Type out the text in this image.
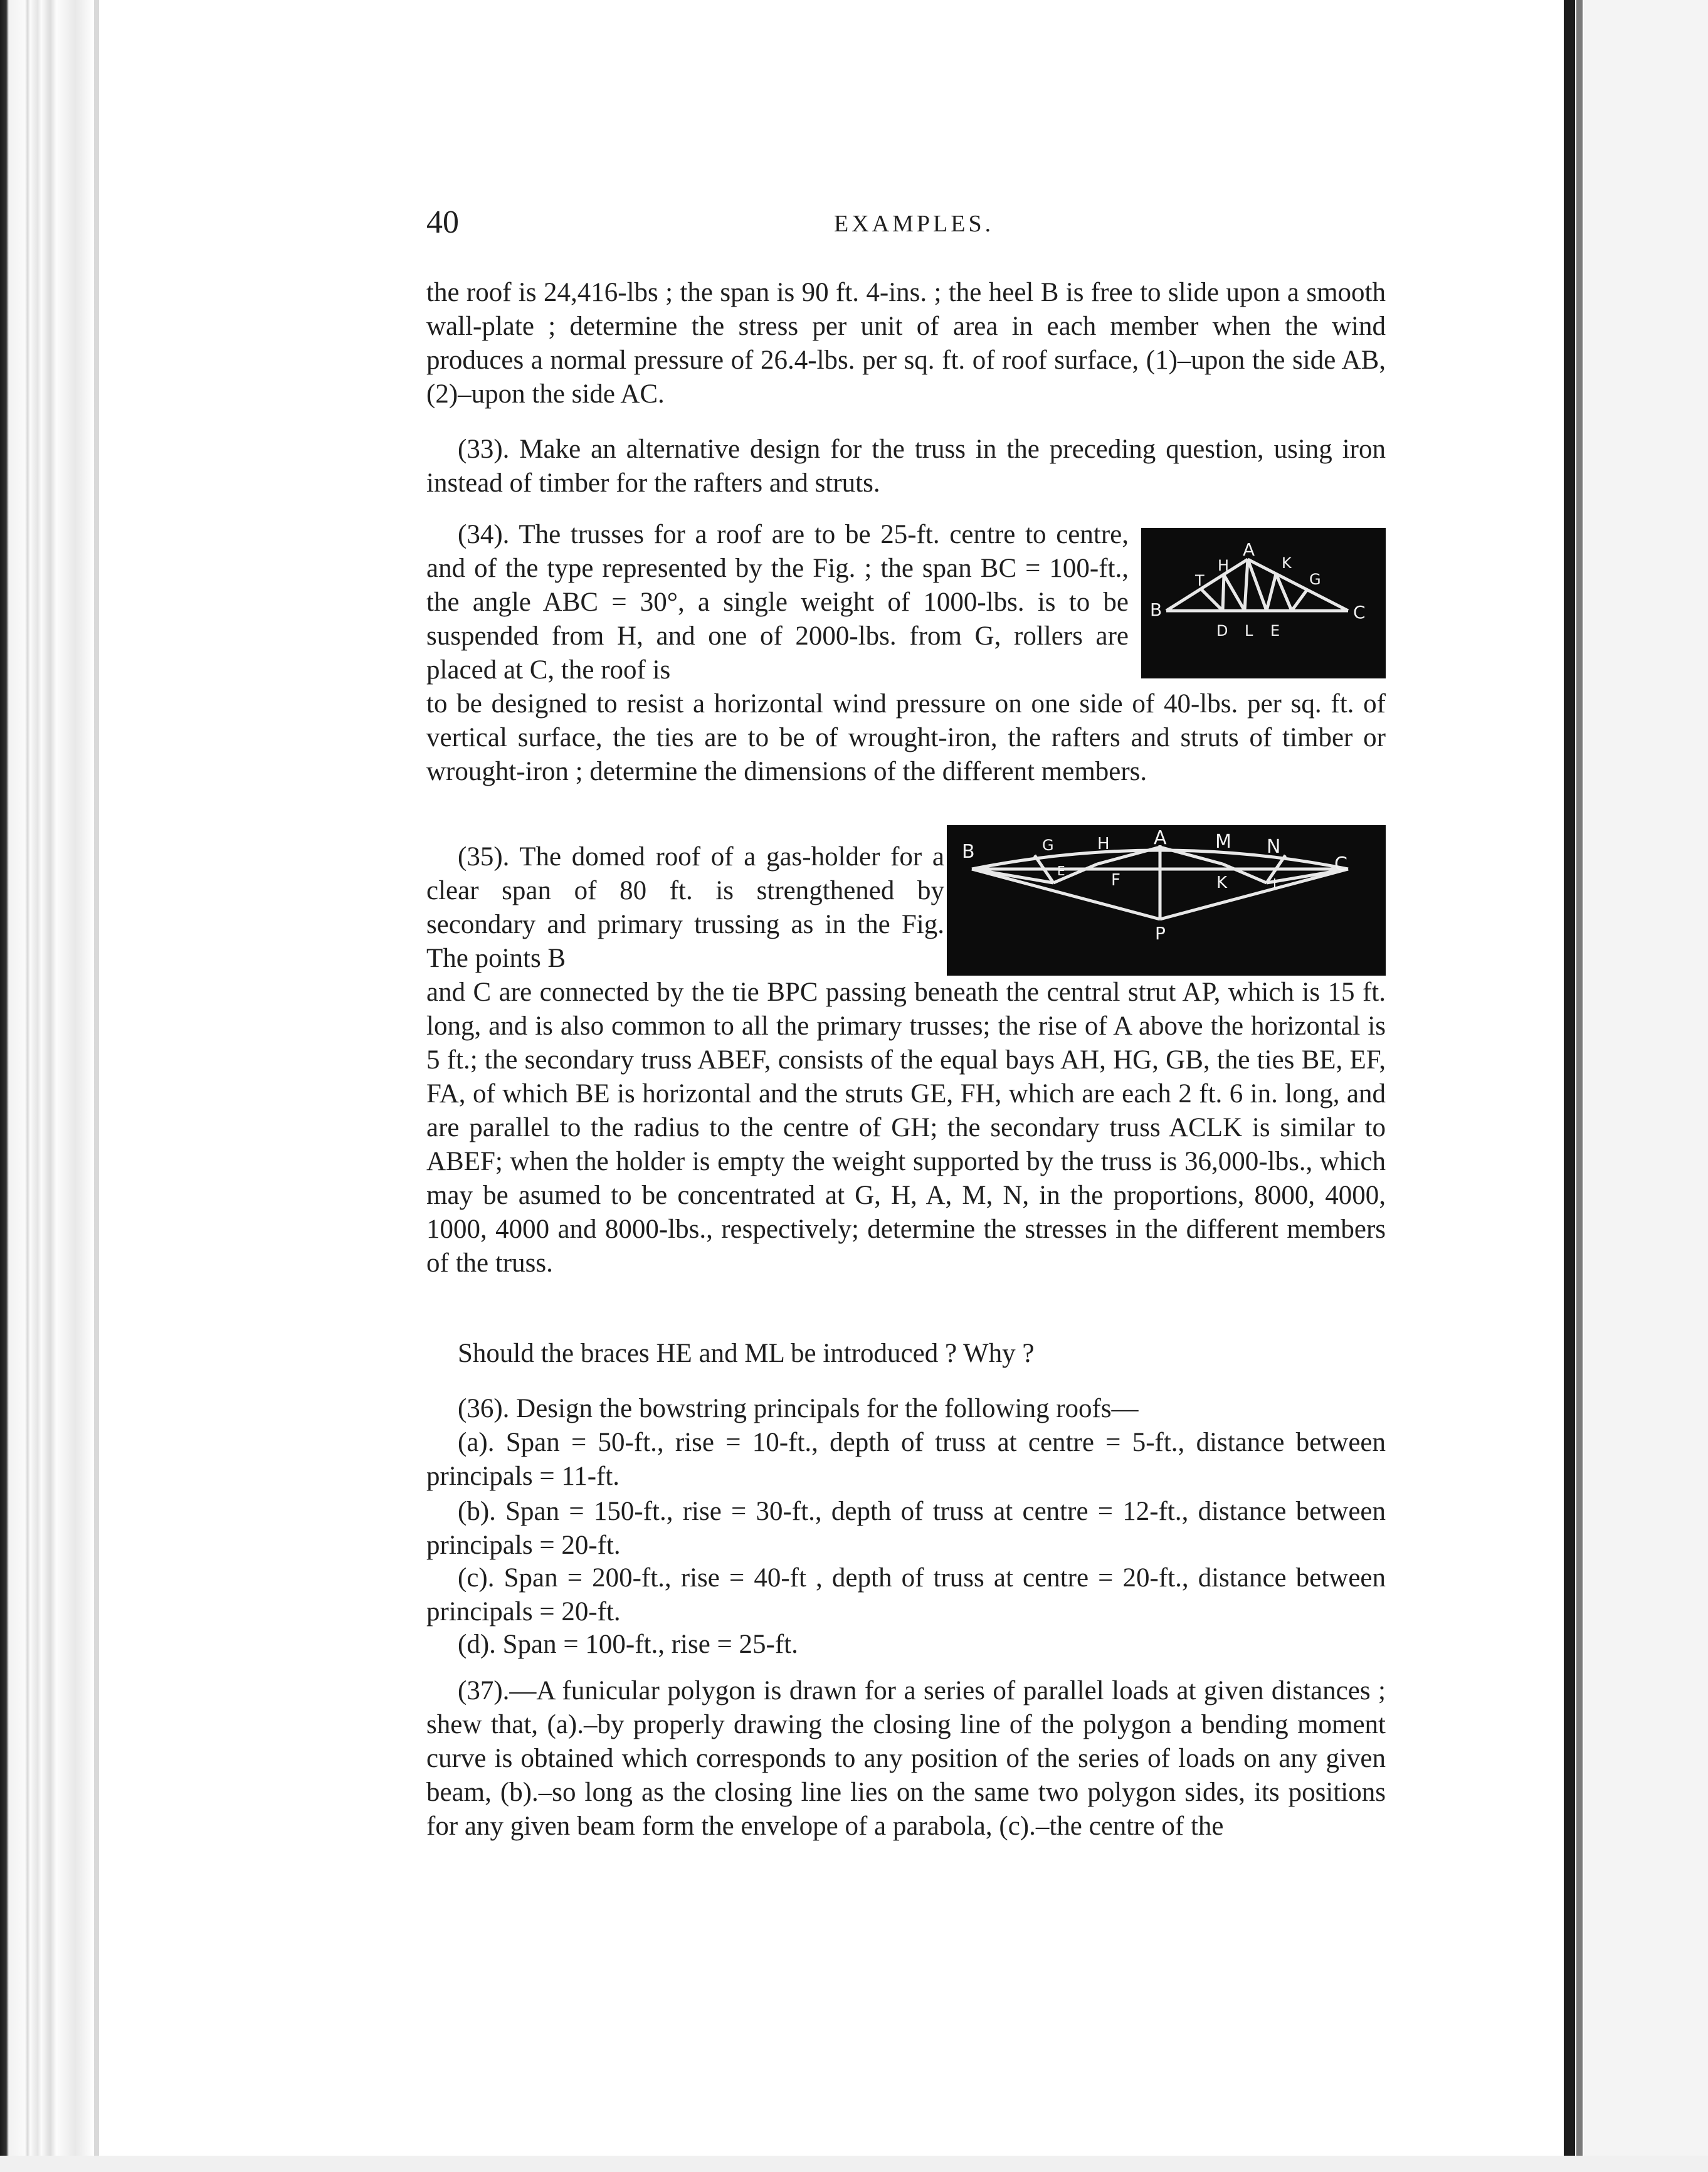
40	EXAMPLES.

the roof is 24,416-lbs ; the span is 90 ft. 4-ins. ; the heel B is free to slide upon a smooth wall-plate ; determine the stress per unit of area in each member when the wind produces a normal pressure of 26.4-lbs. per sq. ft. of roof surface, (1)–upon the side AB, (2)–upon the side AC.

(33). Make an alternative design for the truss in the preceding question, using iron instead of timber for the rafters and struts.

(34). The trusses for a roof are to be 25-ft. centre to centre, and of the type represented by the Fig. ; the span BC = 100-ft., the angle ABC = 30°, a single weight of 1000-lbs. is to be suspended from H, and one of 2000-lbs. from G, rollers are placed at C, the roof is

A
H	K
T	G
B	C
D L E

to be designed to resist a horizontal wind pressure on one side of 40-lbs. per sq. ft. of vertical surface, the ties are to be of wrought-iron, the rafters and struts of timber or wrought-iron ; determine the dimensions of the different members.

(35). The domed roof of a gas-holder for a clear span of 80 ft. is strengthened by secondary and primary trussing as in the Fig. The points B

B	G	H A	M N
C
E	F	K	L
P

and C are connected by the tie BPC passing beneath the central strut AP, which is 15 ft. long, and is also common to all the primary trusses; the rise of A above the horizontal is 5 ft.; the secondary truss ABEF, consists of the equal bays AH, HG, GB, the ties BE, EF, FA, of which BE is horizontal and the struts GE, FH, which are each 2 ft. 6 in. long, and are parallel to the radius to the centre of GH; the secondary truss ACLK is similar to ABEF; when the holder is empty the weight supported by the truss is 36,000-lbs., which may be asumed to be concentrated at G, H, A, M, N, in the proportions, 8000, 4000, 1000, 4000 and 8000-lbs., respectively; determine the stresses in the different members of the truss.

Should the braces HE and ML be introduced ? Why ?

(36). Design the bowstring principals for the following roofs—

(a). Span = 50-ft., rise = 10-ft., depth of truss at centre = 5-ft., distance between principals = 11-ft.

(b). Span = 150-ft., rise = 30-ft., depth of truss at centre = 12-ft., distance between principals = 20-ft.

(c). Span = 200-ft., rise = 40-ft , depth of truss at centre = 20-ft., distance between principals = 20-ft.

(d). Span = 100-ft., rise = 25-ft.

(37).—A funicular polygon is drawn for a series of parallel loads at given distances ; shew that, (a).–by properly drawing the closing line of the polygon a bending moment curve is obtained which corresponds to any position of the series of loads on any given beam, (b).–so long as the closing line lies on the same two polygon sides, its positions for any given beam form the envelope of a parabola, (c).–the centre of the
